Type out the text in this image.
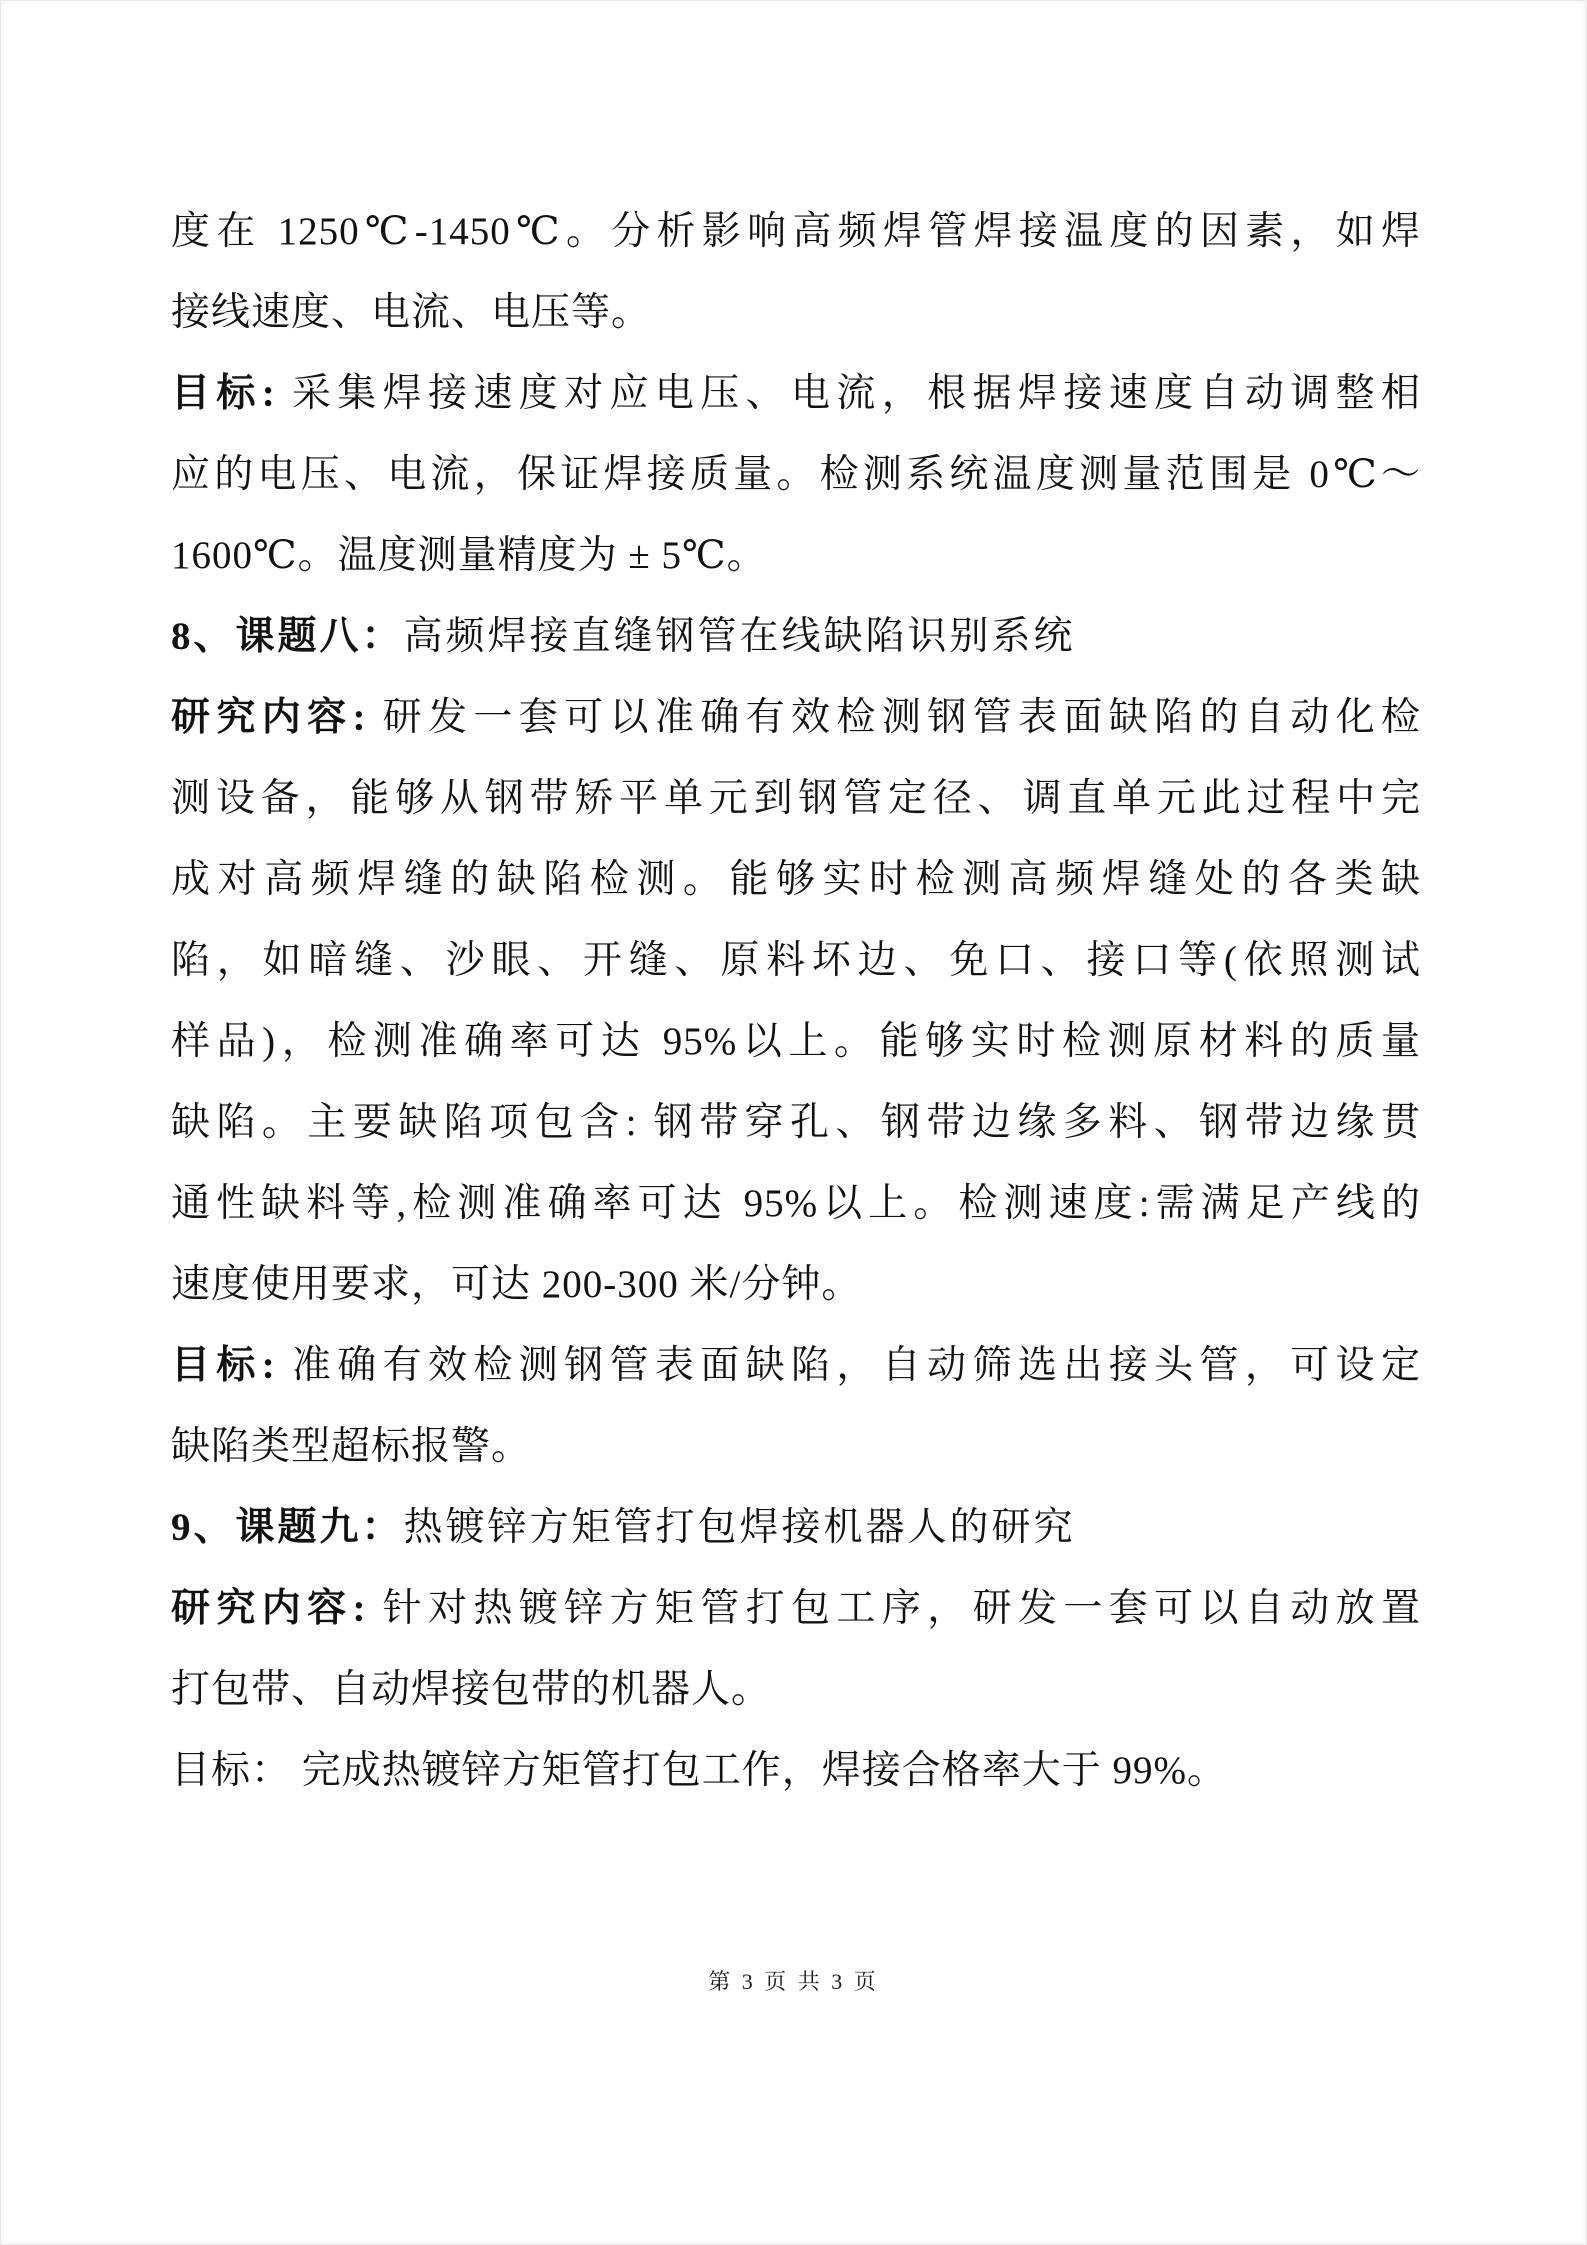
度在 1250℃-1450℃。分析影响高频焊管焊接温度的因素，如焊
接线速度、电流、电压等。
目标: 采集焊接速度对应电压、电流，根据焊接速度自动调整相
应的电压、电流，保证焊接质量。检测系统温度测量范围是 0℃～
1600℃。温度测量精度为 ± 5℃。
8、课题八：高频焊接直缝钢管在线缺陷识别系统
研究内容: 研发一套可以准确有效检测钢管表面缺陷的自动化检
测设备，能够从钢带矫平单元到钢管定径、调直单元此过程中完
成对高频焊缝的缺陷检测。能够实时检测高频焊缝处的各类缺
陷，如暗缝、沙眼、开缝、原料坏边、免口、接口等(依照测试
样品)，检测准确率可达 95%以上。能够实时检测原材料的质量
缺陷。主要缺陷项包含: 钢带穿孔、钢带边缘多料、钢带边缘贯
通性缺料等,检测准确率可达 95%以上。检测速度:需满足产线的
速度使用要求，可达 200-300 米/分钟。
目标: 准确有效检测钢管表面缺陷，自动筛选出接头管，可设定
缺陷类型超标报警。
9、课题九：热镀锌方矩管打包焊接机器人的研究
研究内容: 针对热镀锌方矩管打包工序，研发一套可以自动放置
打包带、自动焊接包带的机器人。
目标： 完成热镀锌方矩管打包工作，焊接合格率大于 99%。
第 3 页 共 3 页
